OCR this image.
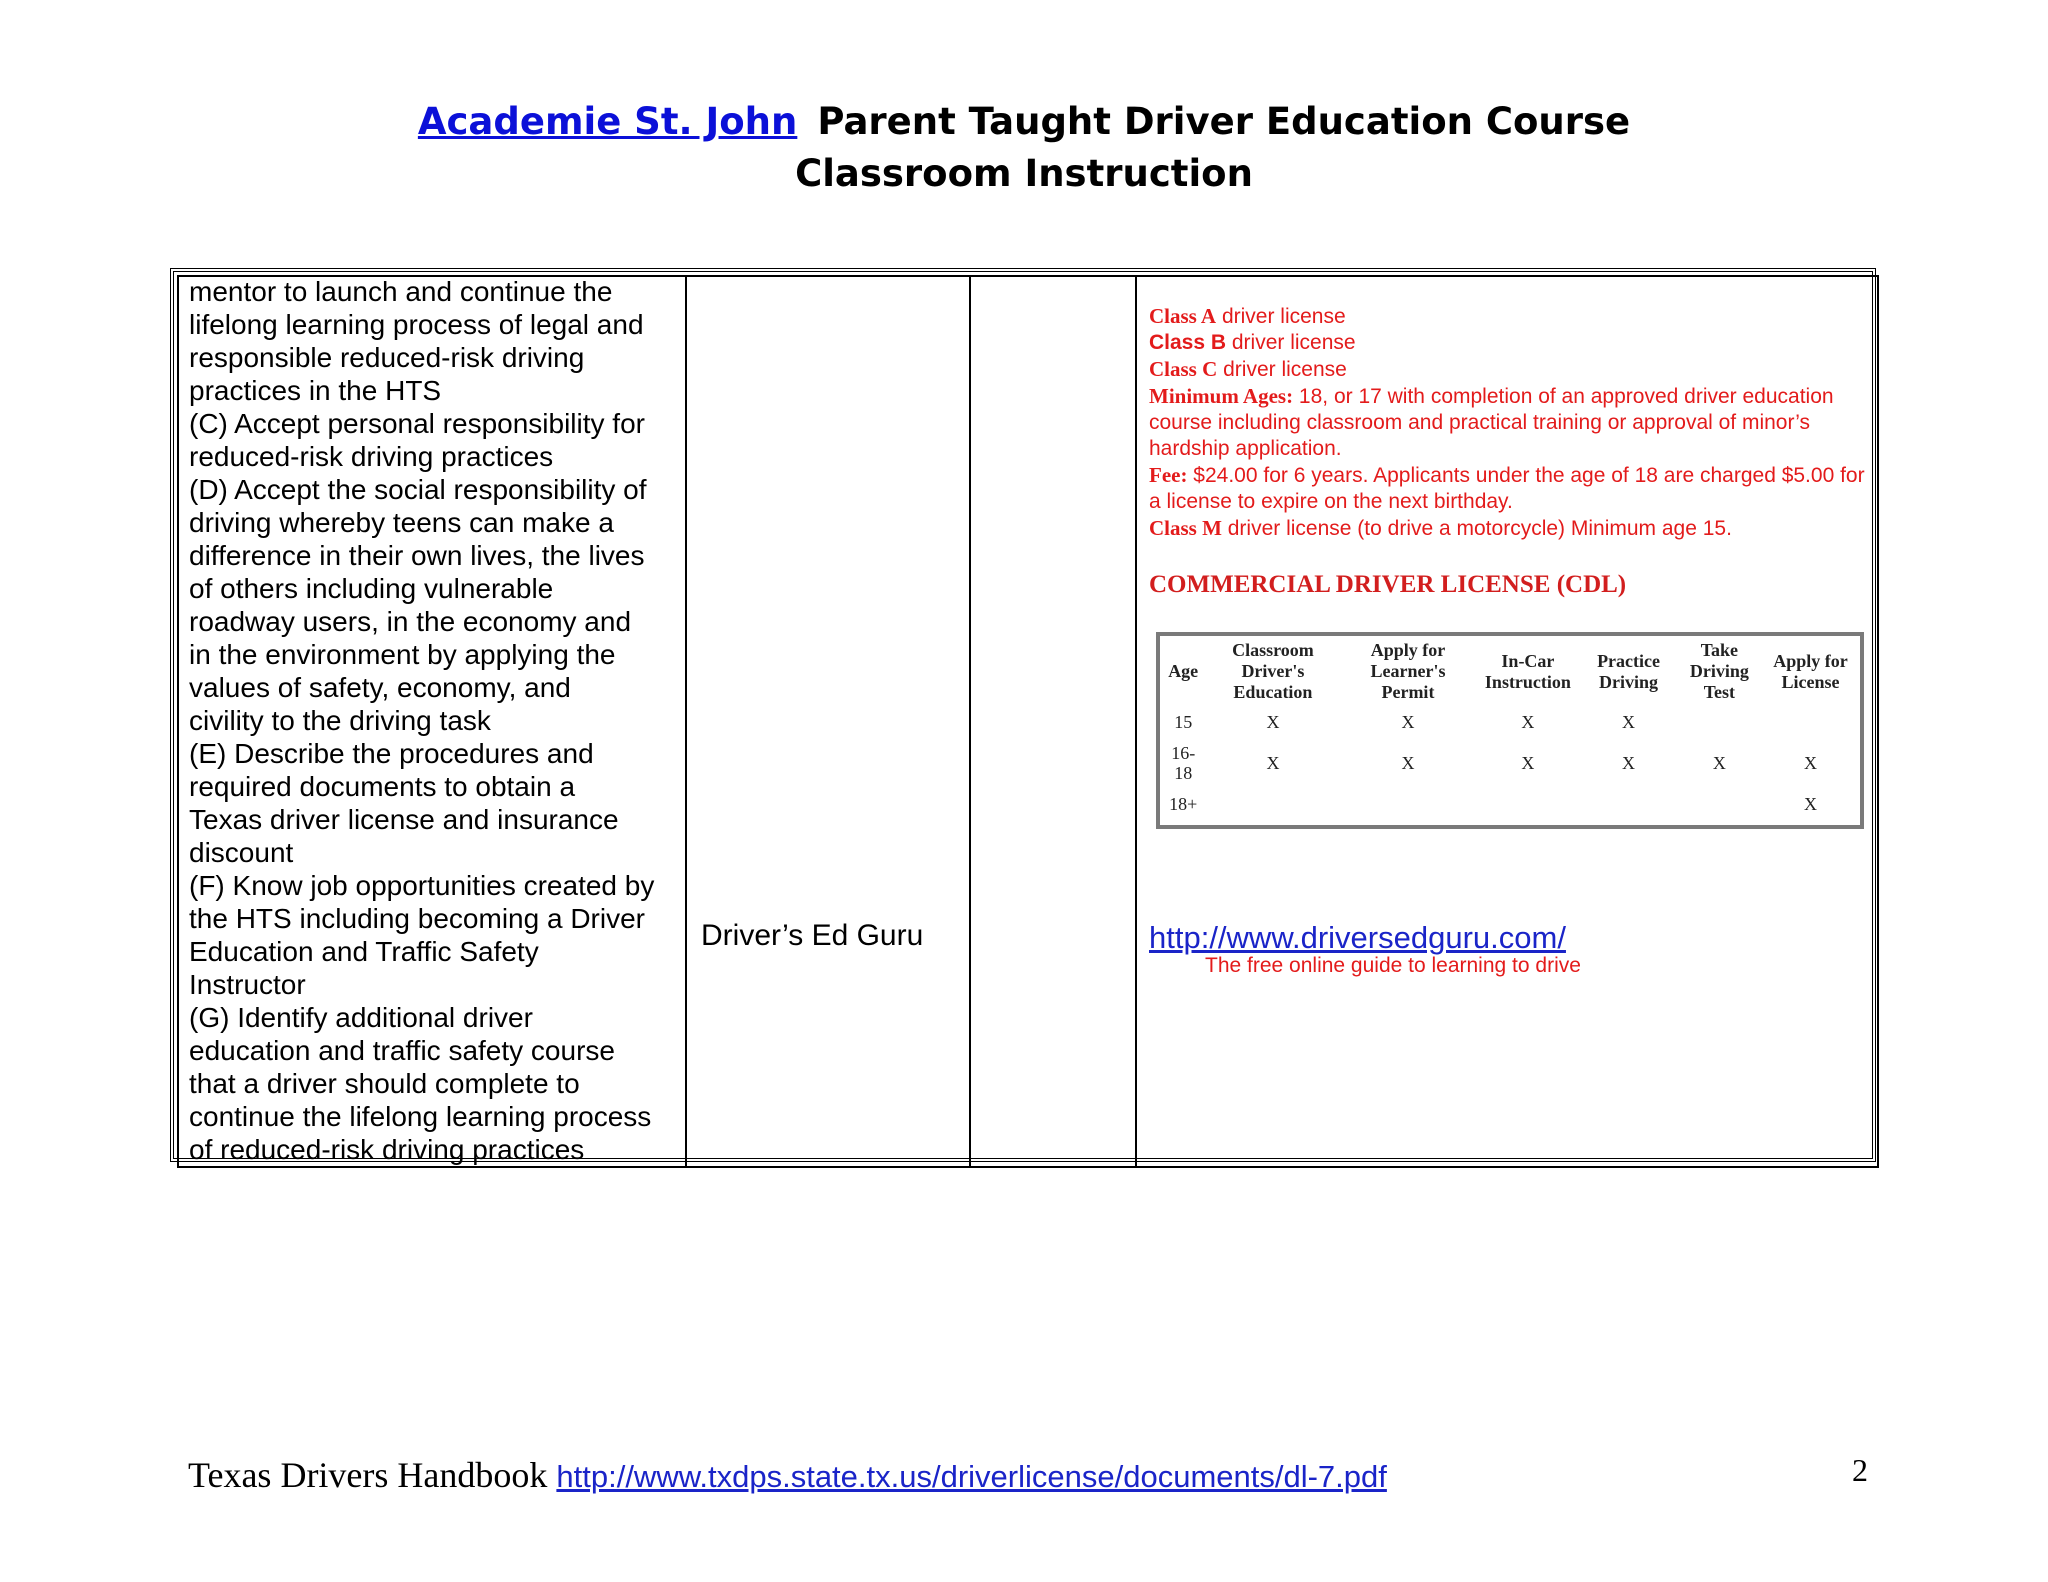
Academie St. John Parent Taught Driver Education Course
Classroom Instruction
mentor to launch and continue the
lifelong learning process of legal and
responsible reduced-risk driving
practices in the HTS
(C) Accept personal responsibility for
reduced-risk driving practices
(D) Accept the social responsibility of
driving whereby teens can make a
difference in their own lives, the lives
of others including vulnerable
roadway users, in the economy and
in the environment by applying the
values of safety, economy, and
civility to the driving task
(E) Describe the procedures and
required documents to obtain a
Texas driver license and insurance
discount
(F) Know job opportunities created by
the HTS including becoming a Driver
Education and Traffic Safety
Instructor
(G) Identify additional driver
education and traffic safety course
that a driver should complete to
continue the lifelong learning process
of reduced-risk driving practices

Driver’s Ed Guru

Class A driver license
Class B driver license
Class C driver license
Minimum Ages: 18, or 17 with completion of an approved driver education course including classroom and practical training or approval of minor’s hardship application.
Fee: $24.00 for 6 years. Applicants under the age of 18 are charged $5.00 for a license to expire on the next birthday.
Class M driver license (to drive a motorcycle) Minimum age 15.
COMMERCIAL DRIVER LICENSE (CDL)
Age	Classroom Driver's Education	Apply for Learner's Permit	In-Car Instruction	Practice Driving	Take Driving Test	Apply for License
15	X	X	X	X		
16-18	X	X	X	X	X	X
18+						X
http://www.driversedguru.com/
The free online guide to learning to drive
Texas Drivers Handbook http://www.txdps.state.tx.us/driverlicense/documents/dl-7.pdf	2
